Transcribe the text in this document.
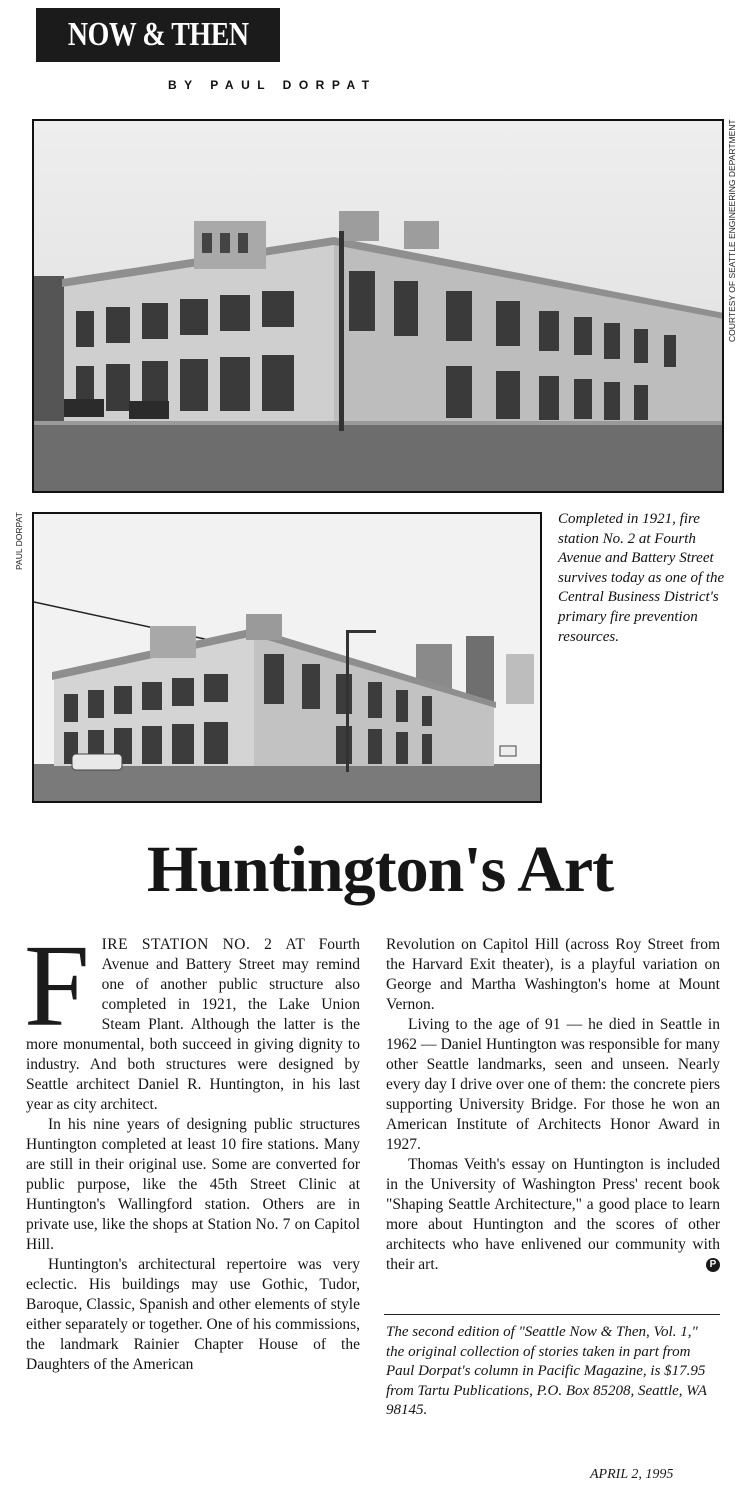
NOW & THEN
BY PAUL DORPAT
COURTESY OF SEATTLE ENGINEERING DEPARTMENT
PAUL DORPAT	Completed in 1921, fire station No. 2 at Fourth Avenue and Battery Street survives today as one of the Central Business District's primary fire prevention resources.
Huntington's Art

F IRE STATION NO. 2 AT Fourth Avenue and Battery Street may remind one of another public structure also completed in 1921, the Lake Union Steam Plant. Although the latter is the more monumental, both succeed in giving dignity to industry. And both structures were designed by Seattle architect Daniel R. Huntington, in his last year as city architect.

In his nine years of designing public structures Huntington completed at least 10 fire stations. Many are still in their original use. Some are converted for public purpose, like the 45th Street Clinic at Huntington's Wallingford station. Others are in private use, like the shops at Station No. 7 on Capitol Hill.

Huntington's architectural repertoire was very eclectic. His buildings may use Gothic, Tudor, Baroque, Classic, Spanish and other elements of style either separately or together. One of his commissions, the landmark Rainier Chapter House of the Daughters of the American

Revolution on Capitol Hill (across Roy Street from the Harvard Exit theater), is a playful variation on George and Martha Washington's home at Mount Vernon.

Living to the age of 91 — he died in Seattle in 1962 — Daniel Huntington was responsible for many other Seattle landmarks, seen and unseen. Nearly every day I drive over one of them: the concrete piers supporting University Bridge. For those he won an American Institute of Architects Honor Award in 1927.

Thomas Veith's essay on Huntington is included in the University of Washington Press' recent book "Shaping Seattle Architecture," a good place to learn more about Huntington and the scores of other architects who have enlivened our community with their art.	P

The second edition of "Seattle Now & Then, Vol. 1," the original collection of stories taken in part from Paul Dorpat's column in Pacific Magazine, is $17.95 from Tartu Publications, P.O. Box 85208, Seattle, WA 98145.
APRIL 2, 1995
